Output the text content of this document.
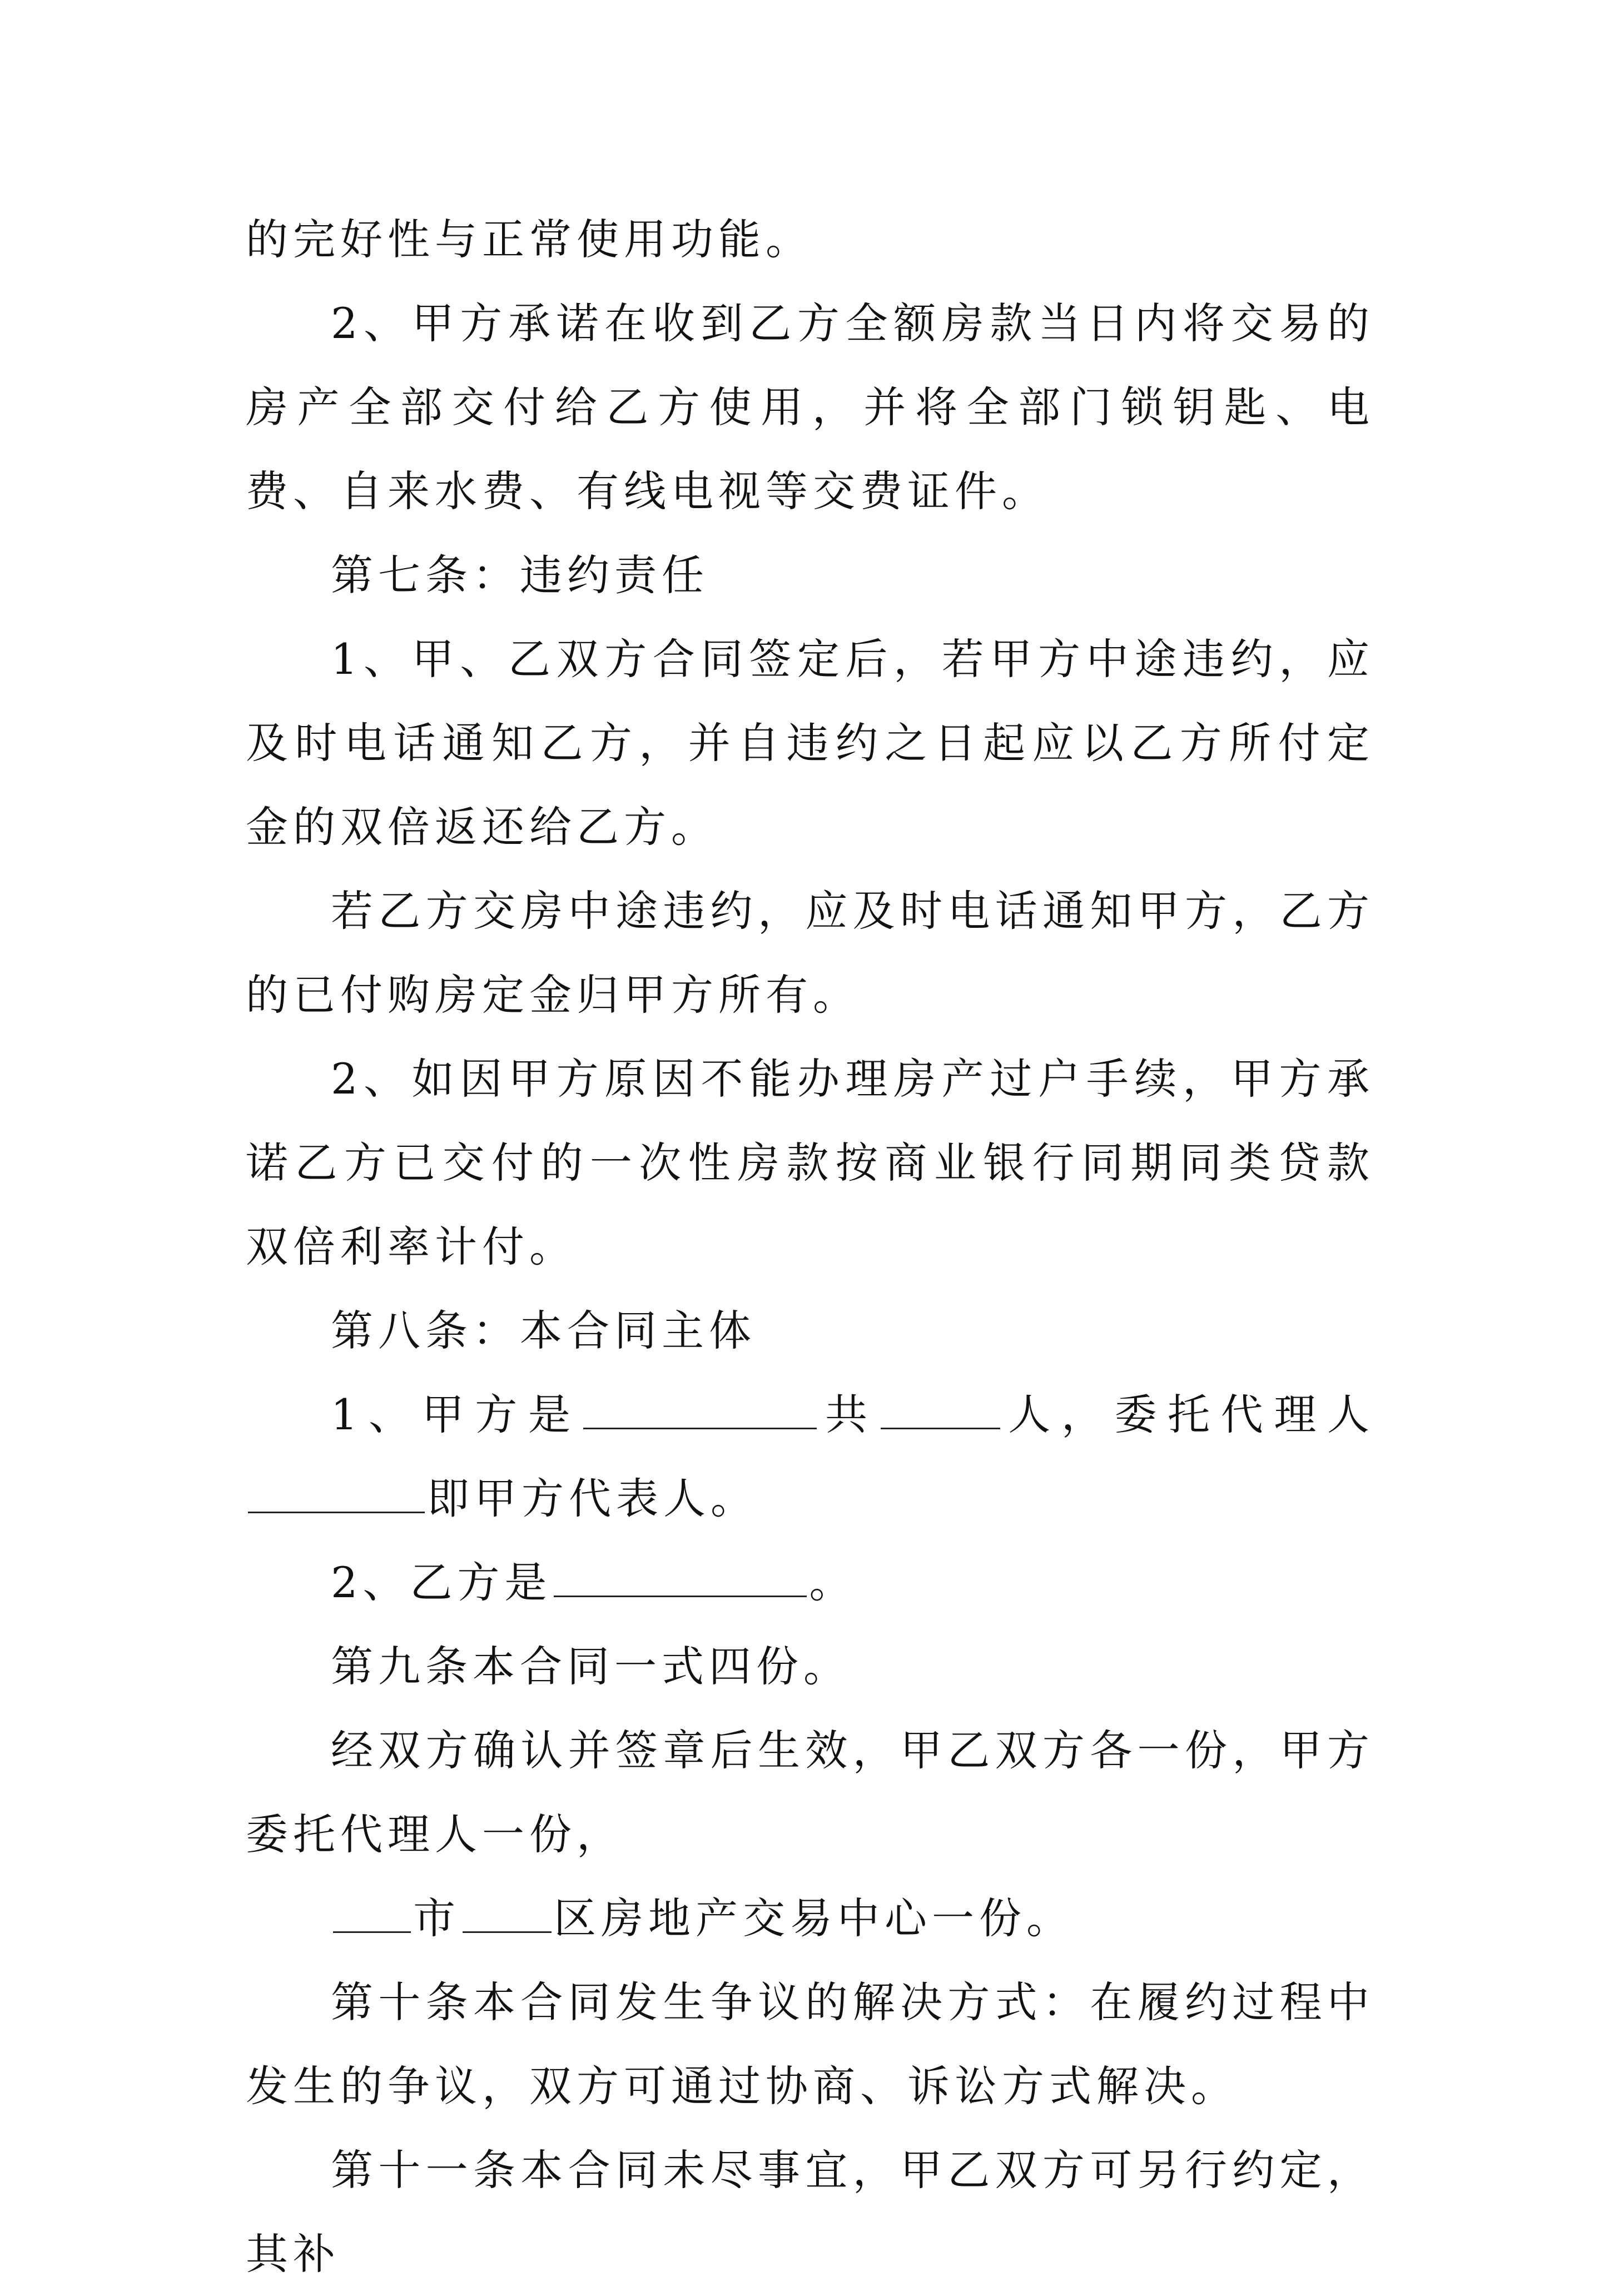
的完好性与正常使用功能。

2、甲方承诺在收到乙方全额房款当日内将交易的房产全部交付给乙方使用，并将全部门锁钥匙、电费、自来水费、有线电视等交费证件。

第七条：违约责任

1、甲、乙双方合同签定后，若甲方中途违约，应及时电话通知乙方，并自违约之日起应以乙方所付定金的双倍返还给乙方。

若乙方交房中途违约，应及时电话通知甲方，乙方的已付购房定金归甲方所有。

2、如因甲方原因不能办理房产过户手续，甲方承诺乙方已交付的一次性房款按商业银行同期同类贷款双倍利率计付。

第八条：本合同主体

1、甲方是	共	人，委托代理人即甲方代表人。

2、乙方是	。

第九条本合同一式四份。

经双方确认并签章后生效，甲乙双方各一份，甲方委托代理人一份，

市 区房地产交易中心一份。

第十条本合同发生争议的解决方式：在履约过程中发生的争议，双方可通过协商、诉讼方式解决。

第十一条本合同未尽事宜，甲乙双方可另行约定，其补
